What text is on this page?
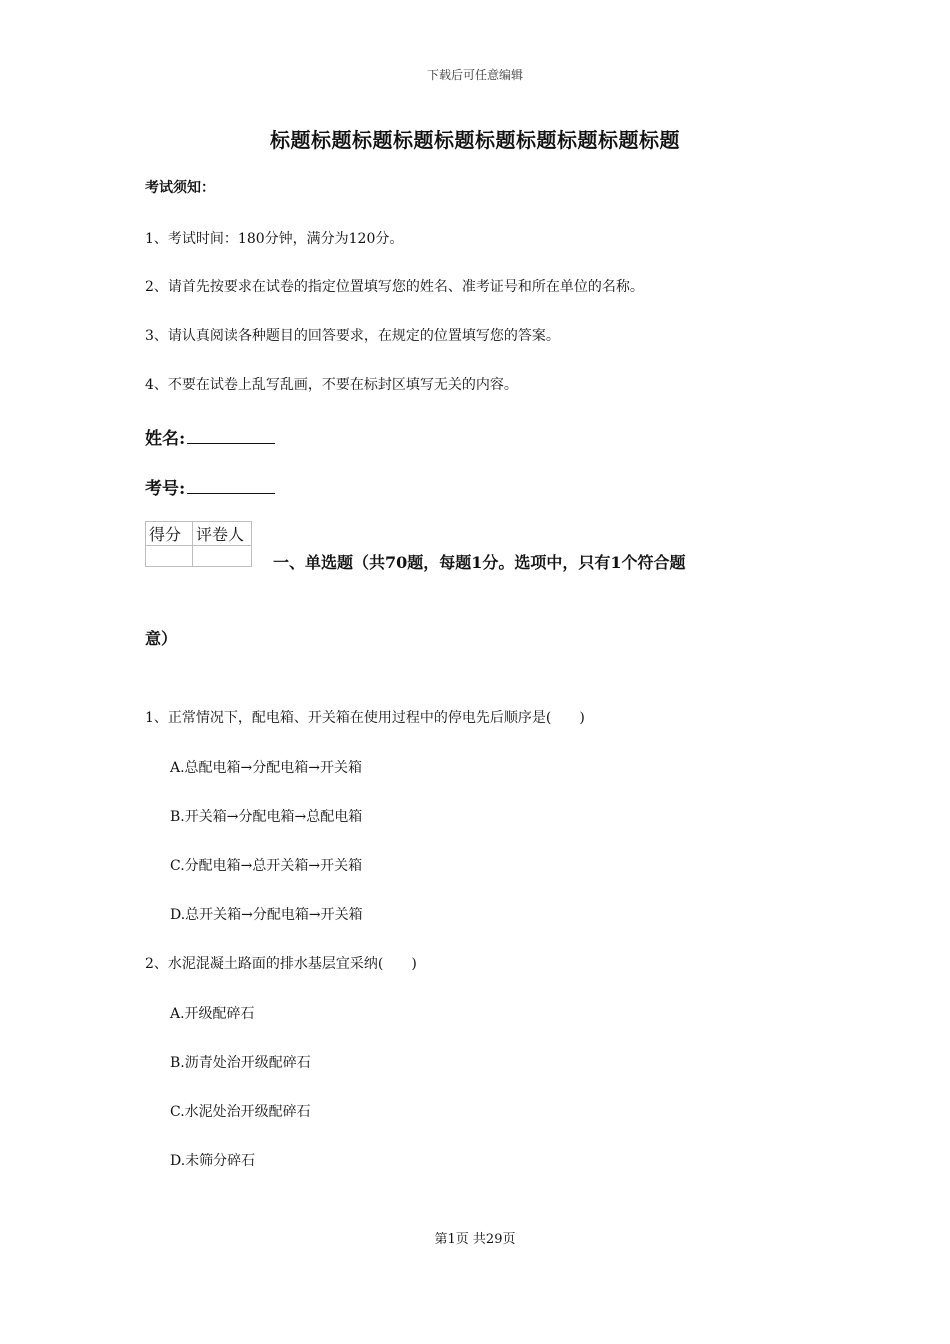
下载后可任意编辑
标题标题标题标题标题标题标题标题标题标题
考试须知：
1、考试时间：180分钟，满分为120分。
2、请首先按要求在试卷的指定位置填写您的姓名、准考证号和所在单位的名称。
3、请认真阅读各种题目的回答要求，在规定的位置填写您的答案。
4、不要在试卷上乱写乱画，不要在标封区填写无关的内容。
姓名:
考号:
得分	评卷人

一、单选题（共70题，每题1分。选项中，只有1个符合题
意）
1、正常情况下，配电箱、开关箱在使用过程中的停电先后顺序是(　　)
A.总配电箱→分配电箱→开关箱
B.开关箱→分配电箱→总配电箱
C.分配电箱→总开关箱→开关箱
D.总开关箱→分配电箱→开关箱
2、水泥混凝土路面的排水基层宜采纳(　　)
A.开级配碎石
B.沥青处治开级配碎石
C.水泥处治开级配碎石
D.未筛分碎石
第1页 共29页
